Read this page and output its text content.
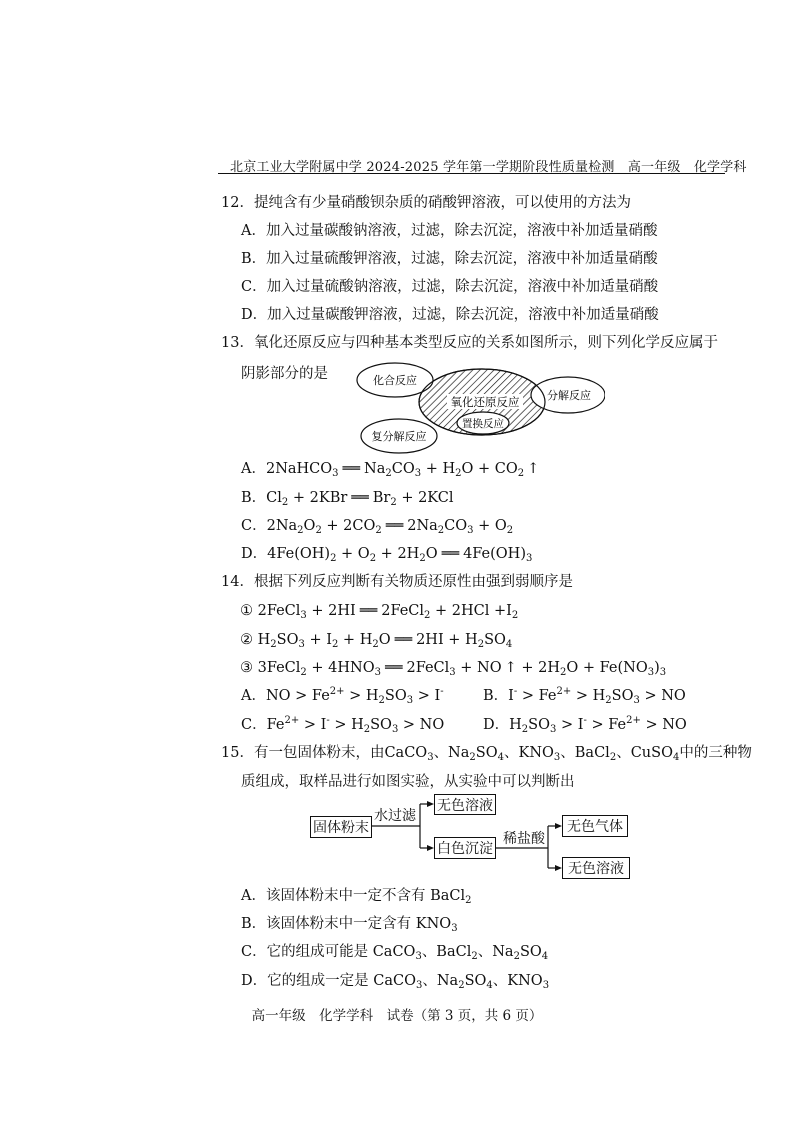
北京工业大学附属中学 2024-2025 学年第一学期阶段性质量检测　高一年级　化学学科
12．提纯含有少量硝酸钡杂质的硝酸钾溶液，可以使用的方法为
A．加入过量碳酸钠溶液，过滤，除去沉淀，溶液中补加适量硝酸
B．加入过量硫酸钾溶液，过滤，除去沉淀，溶液中补加适量硝酸
C．加入过量硫酸钠溶液，过滤，除去沉淀，溶液中补加适量硝酸
D．加入过量碳酸钾溶液，过滤，除去沉淀，溶液中补加适量硝酸
13．氧化还原反应与四种基本类型反应的关系如图所示，则下列化学反应属于
阴影部分的是
氧化还原反应
化合反应
分解反应
置换反应
复分解反应
A．2NaHCO$_3$ ══ $Na_2CO_3 + H_2O + CO_2$ ↑
B．$Cl_2 + 2KBr$ ══ $Br_2 + 2KCl$
C．$2Na_2O_2 + 2CO_2$ ══ $2Na_2CO_3 + O_2$
D．$4Fe(OH)_2 + O_2 + 2H_2O$ ══ $4Fe(OH)_3$
14．根据下列反应判断有关物质还原性由强到弱顺序是
① 2FeCl$_3$ + 2HI ══ 2FeCl$_2$ + $2HCl +I_2$
② $H_2SO_3 + I_2 + H_2O$ ══ $2HI + H_2SO_4$
③ 3FeCl$_2$ + $4HNO_3$ ══ 2FeCl$_3$ + NO ↑ + $2H_2O + Fe(NO_3)_3$
A．NO > $Fe^{2+} > H_2SO_3 > I^-$	B．$I^- > Fe^{2+} > H_2SO_3$ > NO
C．$Fe^{2+} > I^- > H_2SO_3$ > NO	D．$H_2SO_3 > I^- > Fe^{2+}$ > NO
15．有一包固体粉末，由CaCO$_3$、$Na_2SO_4$、$KNO_3$、BaCl$_2$、CuSO$_4$中的三种物
质组成，取样品进行如图实验，从实验中可以判断出
固体粉末
水过滤
无色溶液
白色沉淀
稀盐酸
无色气体
无色溶液
A．该固体粉末中一定不含有 BaCl$_2$
B．该固体粉末中一定含有 $KNO_3$
C．它的组成可能是 CaCO$_3$、BaCl$_2$、$Na_2SO_4$
D．它的组成一定是 CaCO$_3$、$Na_2SO_4$、$KNO_3$
高一年级　化学学科　试卷（第 3 页，共 6 页）
